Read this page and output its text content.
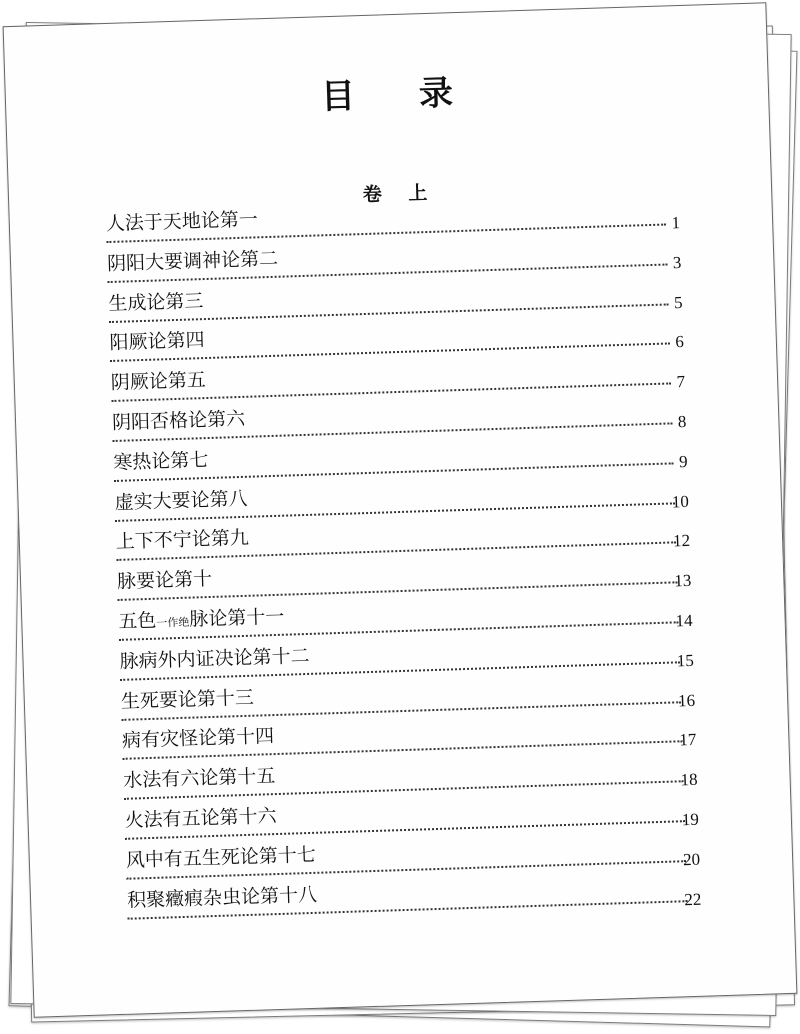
目 录
卷 上
人法于天地论第一	1
阴阳大要调神论第二	3
生成论第三	5
阳厥论第四	6
阴厥论第五	7
阴阳否格论第六	8
寒热论第七	9
虚实大要论第八	10
上下不宁论第九	12
脉要论第十	13
五色一作绝脉论第十一	14
脉病外内证决论第十二	15
生死要论第十三	16
病有灾怪论第十四	17
水法有六论第十五	18
火法有五论第十六	19
风中有五生死论第十七	20
积聚癥瘕杂虫论第十八	22
